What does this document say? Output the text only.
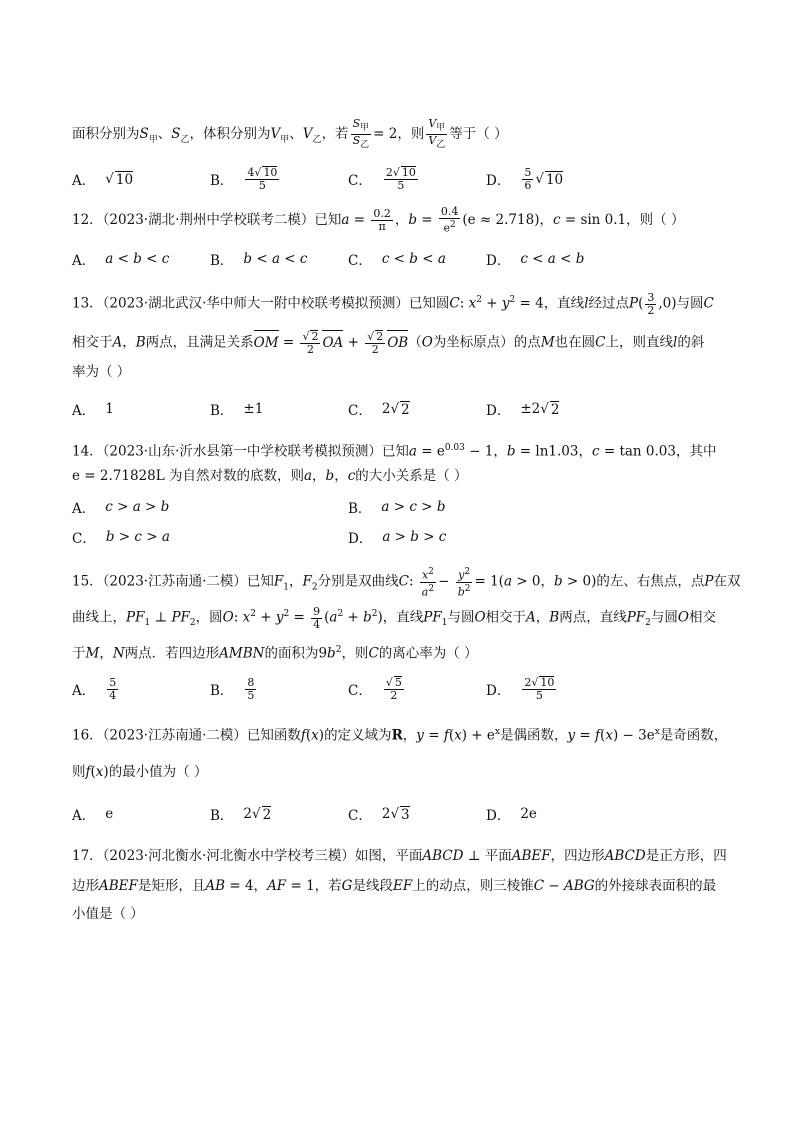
面积分别为$S_甲$、$S_乙$，体积分别为$V_甲$、$V_乙$，若 $\frac{S_甲}{S_乙} = 2$，则 $\frac{V_甲}{V_乙}$ 等于（ ）
A． √ 10	B． $\frac{4√ 10}{5}$	C． $\frac{2√ 10}{5}$	D． $\frac{5}{6}$ √ 10
12．（2023·湖北·荆州中学校联考二模）已知$a = \frac{0.2}{\pi}$ ，$b = \frac{0.4}{e^2} (e \approx 2.718)$，c = sin 0.1，则（ ）
A． a < b < c	B． b < a < c	C． c < b < a	D． c < a < b
13．（2023·湖北武汉·华中师大一附中校联考模拟预测）已知圆C: $x^2 + y^2 = 4$，直线l经过点$P( \frac{3}{2} ,0)$与圆C
相交于A，B两点，且满足关系OM = $\frac{√ 2}{2}$ OA + $\frac{√ 2}{2} OB(O$为坐标原点）的点M也在圆C上，则直线l的斜
率为（ ）
A． 1	B． ±1	C． 2 √ 2	D． ±2 √ 2
14．（2023·山东·沂水县第一中学校联考模拟预测）已知$a = e^{0.03} - 1$，b = ln1.03，c = tan 0.03，其中
e = 2.71828L 为自然对数的底数，则a，b，c的大小关系是（ ）
A． c > a > b	B． a > c > b
C． b > c > a	D． a > b > c
15．（2023·江苏南通·二模）已知$F_1$，$F_2$分别是双曲线C: $\frac{x^2}{a^2} - \frac{y^2}{b^2} = 1(a > 0$，b > 0)的左、右焦点，点P在双
曲线上，$PF_1$ ⊥ $PF_2$，圆O: $x^2 + y^2 = \frac{9}{4} (a^2 + b^2)$，直线$PF_1$与圆O相交于A，B两点，直线$PF_2$与圆O相交
于M，N两点．若四边形AMBN的面积为$9b^2$，则C的离心率为（ ）
A． $\frac{5}{4}$	B． $\frac{8}{5}$	C． $\frac{√ 5}{2}$	D． $\frac{2√ 10}{5}$
16．（2023·江苏南通·二模）已知函数f(x)的定义域为R，$y = f(x) + e^x$是偶函数，$y = f(x) - 3e^x$是奇函数，
则f(x)的最小值为（ ）
A． e	B． 2 √ 2	C． 2 √ 3	D． 2e
17．（2023·河北衡水·河北衡水中学校考三模）如图，平面ABCD ⊥ 平面ABEF，四边形ABCD是正方形，四
边形ABEF是矩形，且AB = 4，AF = 1，若G是线段EF上的动点，则三棱锥C − ABG的外接球表面积的最
小值是（ ）
